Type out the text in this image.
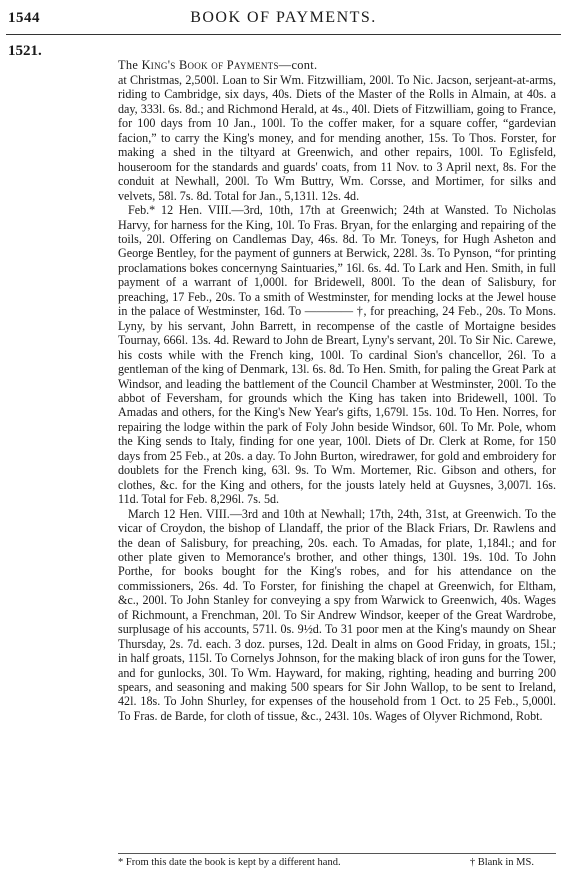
1544	BOOK OF PAYMENTS.
1521.
The King's Book of Payments—cont.

at Christmas, 2,500l. Loan to Sir Wm. Fitzwilliam, 200l. To Nic. Jacson, serjeant-at-arms, riding to Cambridge, six days, 40s. Diets of the Master of the Rolls in Almain, at 40s. a day, 333l. 6s. 8d.; and Richmond Herald, at 4s., 40l. Diets of Fitzwilliam, going to France, for 100 days from 10 Jan., 100l. To the coffer maker, for a square coffer, “gardevian facion,” to carry the King's money, and for mending another, 15s. To Thos. Forster, for making a shed in the tiltyard at Greenwich, and other repairs, 100l. To Eglisfeld, houseroom for the standards and guards' coats, from 11 Nov. to 3 April next, 8s. For the conduit at Newhall, 200l. To Wm Buttry, Wm. Corsse, and Mortimer, for silks and velvets, 58l. 7s. 8d. Total for Jan., 5,131l. 12s. 4d.

Feb.* 12 Hen. VIII.—3rd, 10th, 17th at Greenwich; 24th at Wansted. To Nicholas Harvy, for harness for the King, 10l. To Fras. Bryan, for the enlarging and repairing of the toils, 20l. Offering on Candlemas Day, 46s. 8d. To Mr. Toneys, for Hugh Asheton and George Bentley, for the payment of gunners at Berwick, 228l. 3s. To Pynson, “for printing proclamations bokes concernyng Saintuaries,” 16l. 6s. 4d. To Lark and Hen. Smith, in full payment of a warrant of 1,000l. for Bridewell, 800l. To the dean of Salisbury, for preaching, 17 Feb., 20s. To a smith of Westminster, for mending locks at the Jewel house in the palace of Westminster, 16d. To ———— †, for preaching, 24 Feb., 20s. To Mons. Lyny, by his servant, John Barrett, in recompense of the castle of Mortaigne besides Tournay, 666l. 13s. 4d. Reward to John de Breart, Lyny's servant, 20l. To Sir Nic. Carewe, his costs while with the French king, 100l. To cardinal Sion's chancellor, 26l. To a gentleman of the king of Denmark, 13l. 6s. 8d. To Hen. Smith, for paling the Great Park at Windsor, and leading the battlement of the Council Chamber at Westminster, 200l. To the abbot of Feversham, for grounds which the King has taken into Bridewell, 100l. To Amadas and others, for the King's New Year's gifts, 1,679l. 15s. 10d. To Hen. Norres, for repairing the lodge within the park of Foly John beside Windsor, 60l. To Mr. Pole, whom the King sends to Italy, finding for one year, 100l. Diets of Dr. Clerk at Rome, for 150 days from 25 Feb., at 20s. a day. To John Burton, wiredrawer, for gold and embroidery for doublets for the French king, 63l. 9s. To Wm. Mortemer, Ric. Gibson and others, for clothes, &c. for the King and others, for the jousts lately held at Guysnes, 3,007l. 16s. 11d. Total for Feb. 8,296l. 7s. 5d.

March 12 Hen. VIII.—3rd and 10th at Newhall; 17th, 24th, 31st, at Greenwich. To the vicar of Croydon, the bishop of Llandaff, the prior of the Black Friars, Dr. Rawlens and the dean of Salisbury, for preaching, 20s. each. To Amadas, for plate, 1,184l.; and for other plate given to Memorance's brother, and other things, 130l. 19s. 10d. To John Porthe, for books bought for the King's robes, and for his attendance on the commissioners, 26s. 4d. To Forster, for finishing the chapel at Greenwich, for Eltham, &c., 200l. To John Stanley for conveying a spy from Warwick to Greenwich, 40s. Wages of Richmount, a Frenchman, 20l. To Sir Andrew Windsor, keeper of the Great Wardrobe, surplusage of his accounts, 571l. 0s. 9½d. To 31 poor men at the King's maundy on Shear Thursday, 2s. 7d. each. 3 doz. purses, 12d. Dealt in alms on Good Friday, in groats, 15l.; in half groats, 115l. To Cornelys Johnson, for the making black of iron guns for the Tower, and for gunlocks, 30l. To Wm. Hayward, for making, righting, heading and burring 200 spears, and seasoning and making 500 spears for Sir John Wallop, to be sent to Ireland, 42l. 18s. To John Shurley, for expenses of the household from 1 Oct. to 25 Feb., 5,000l. To Fras. de Barde, for cloth of tissue, &c., 243l. 10s. Wages of Olyver Richmond, Robt.

* From this date the book is kept by a different hand.	† Blank in MS.
